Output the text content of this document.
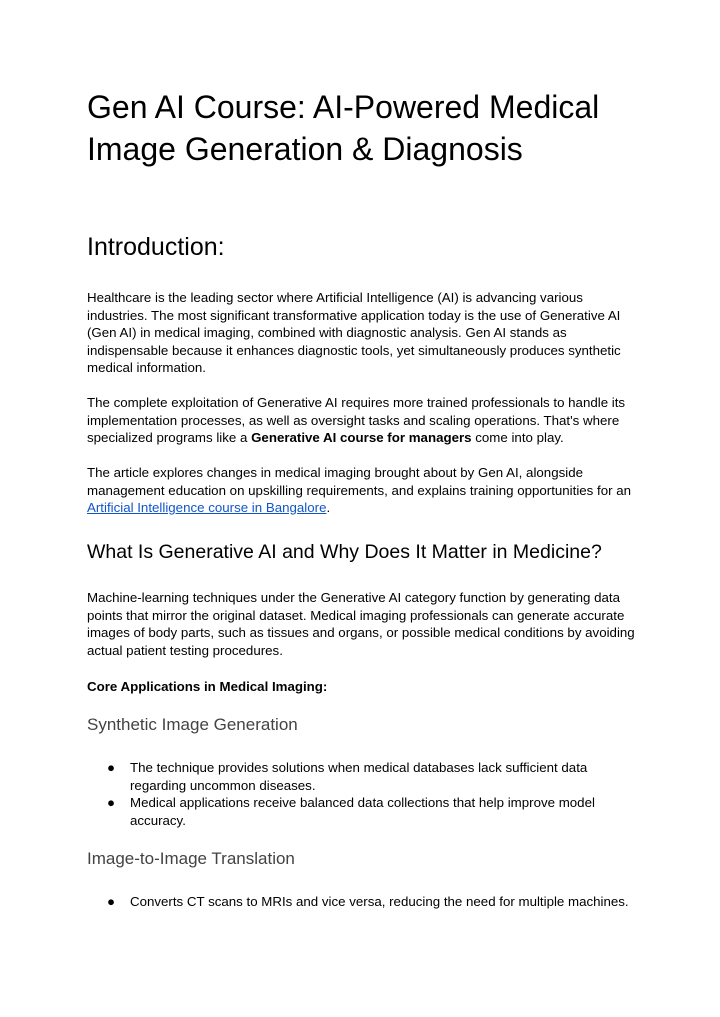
Gen AI Course: AI-Powered Medical Image Generation & Diagnosis
Introduction:

Healthcare is the leading sector where Artificial Intelligence (AI) is advancing various industries. The most significant transformative application today is the use of Generative AI (Gen AI) in medical imaging, combined with diagnostic analysis. Gen AI stands as indispensable because it enhances diagnostic tools, yet simultaneously produces synthetic medical information.

The complete exploitation of Generative AI requires more trained professionals to handle its implementation processes, as well as oversight tasks and scaling operations. That's where specialized programs like a Generative AI course for managers come into play.

The article explores changes in medical imaging brought about by Gen AI, alongside management education on upskilling requirements, and explains training opportunities for an Artificial Intelligence course in Bangalore.

What Is Generative AI and Why Does It Matter in Medicine?

Machine-learning techniques under the Generative AI category function by generating data points that mirror the original dataset. Medical imaging professionals can generate accurate images of body parts, such as tissues and organs, or possible medical conditions by avoiding actual patient testing procedures.

Core Applications in Medical Imaging:

Synthetic Image Generation
● The technique provides solutions when medical databases lack sufficient data regarding uncommon diseases.
● Medical applications receive balanced data collections that help improve model accuracy.
Image-to-Image Translation
● Converts CT scans to MRIs and vice versa, reducing the need for multiple machines.
